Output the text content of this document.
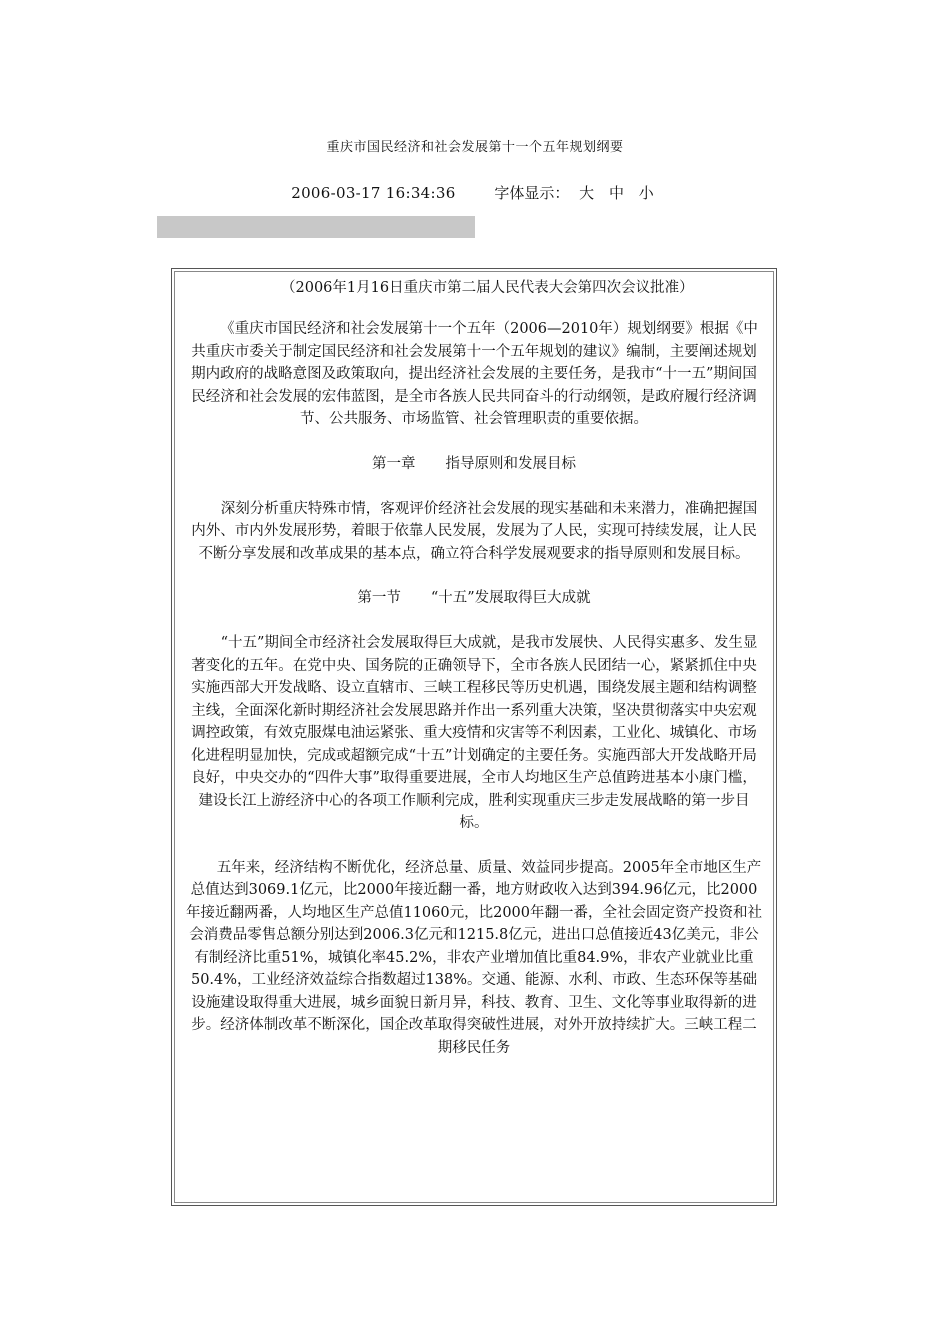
重庆市国民经济和社会发展第十一个五年规划纲要
2006-03-17 16:34:36	字体显示： 大 中 小
（2006年1月16日重庆市第二届人民代表大会第四次会议批准）

《重庆市国民经济和社会发展第十一个五年（2006—2010年）规划纲要》根据《中共重庆市委关于制定国民经济和社会发展第十一个五年规划的建议》编制，主要阐述规划期内政府的战略意图及政策取向，提出经济社会发展的主要任务，是我市“十一五”期间国民经济和社会发展的宏伟蓝图，是全市各族人民共同奋斗的行动纲领，是政府履行经济调节、公共服务、市场监管、社会管理职责的重要依据。

第一章 指导原则和发展目标

深刻分析重庆特殊市情，客观评价经济社会发展的现实基础和未来潜力，准确把握国内外、市内外发展形势，着眼于依靠人民发展，发展为了人民，实现可持续发展，让人民不断分享发展和改革成果的基本点，确立符合科学发展观要求的指导原则和发展目标。

第一节 “十五”发展取得巨大成就

“十五”期间全市经济社会发展取得巨大成就，是我市发展快、人民得实惠多、发生显著变化的五年。在党中央、国务院的正确领导下，全市各族人民团结一心，紧紧抓住中央实施西部大开发战略、设立直辖市、三峡工程移民等历史机遇，围绕发展主题和结构调整主线，全面深化新时期经济社会发展思路并作出一系列重大决策，坚决贯彻落实中央宏观调控政策，有效克服煤电油运紧张、重大疫情和灾害等不利因素，工业化、城镇化、市场化进程明显加快，完成或超额完成“十五”计划确定的主要任务。实施西部大开发战略开局良好，中央交办的“四件大事”取得重要进展，全市人均地区生产总值跨进基本小康门槛，建设长江上游经济中心的各项工作顺利完成，胜利实现重庆三步走发展战略的第一步目标。

五年来，经济结构不断优化，经济总量、质量、效益同步提高。2005年全市地区生产总值达到3069.1亿元，比2000年接近翻一番，地方财政收入达到394.96亿元，比2000年接近翻两番，人均地区生产总值11060元，比2000年翻一番，全社会固定资产投资和社会消费品零售总额分别达到2006.3亿元和1215.8亿元，进出口总值接近43亿美元，非公有制经济比重51%，城镇化率45.2%，非农产业增加值比重84.9%，非农产业就业比重50.4%，工业经济效益综合指数超过138%。交通、能源、水利、市政、生态环保等基础设施建设取得重大进展，城乡面貌日新月异，科技、教育、卫生、文化等事业取得新的进步。经济体制改革不断深化，国企改革取得突破性进展，对外开放持续扩大。三峡工程二期移民任务
